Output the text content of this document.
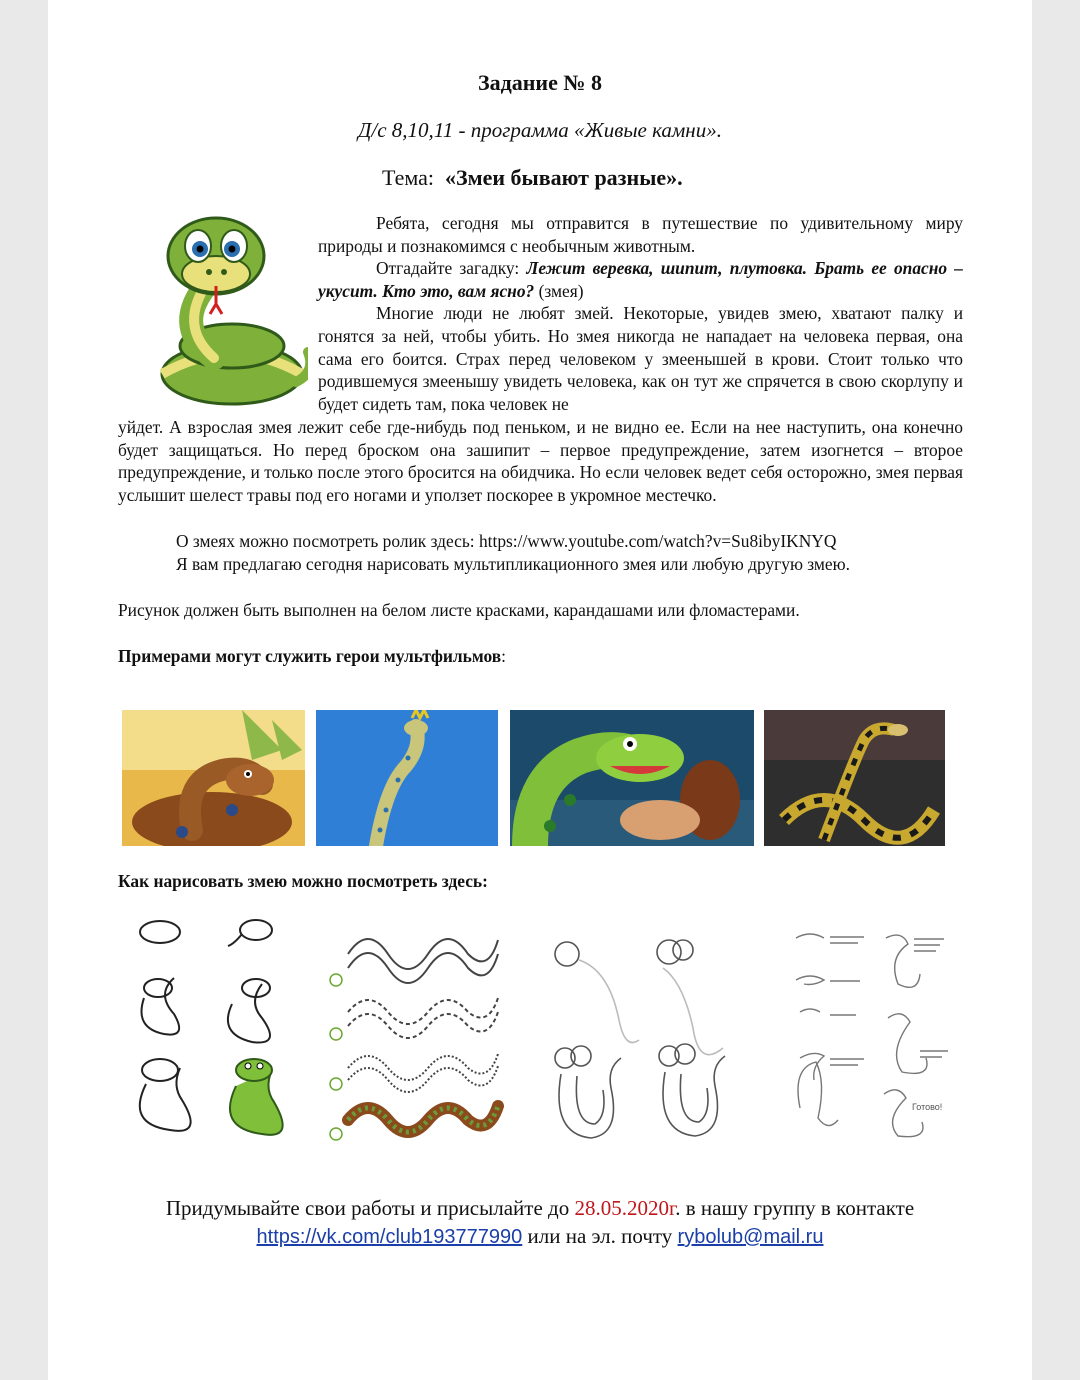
Задание № 8
Д/с 8,10,11 - программа «Живые камни».
Тема: «Змеи бывают разные».
Ребята, сегодня мы отправится в путешествие по удивительному миру природы и познакомимся с необычным животным.
Отгадайте загадку: Лежит веревка, шипит, плутовка. Брать ее опасно – укусит. Кто это, вам ясно? (змея)
Многие люди не любят змей. Некоторые, увидев змею, хватают палку и гонятся за ней, чтобы убить. Но змея никогда не нападает на человека первая, она сама его боится. Страх перед человеком у змеенышей в крови. Стоит только что родившемуся змеенышу увидеть человека, как он тут же спрячется в свою скорлупу и будет сидеть там, пока человек не
уйдет. А взрослая змея лежит себе где-нибудь под пеньком, и не видно ее. Если на нее наступить, она конечно будет защищаться. Но перед броском она зашипит – первое предупреждение, затем изогнется – второе предупреждение, и только после этого бросится на обидчика. Но если человек ведет себя осторожно, змея первая услышит шелест травы под его ногами и уползет поскорее в укромное местечко.
О змеях можно посмотреть ролик здесь: https://www.youtube.com/watch?v=Su8ibyIKNYQ
Я вам предлагаю сегодня нарисовать мультипликационного змея или любую другую змею.
Рисунок должен быть выполнен на белом листе красками, карандашами или фломастерами.
Примерами могут служить герои мультфильмов:
Как нарисовать змею можно посмотреть здесь:
Готово!
Придумывайте свои работы и присылайте до 28.05.2020г. в нашу группу в контакте
https://vk.com/club193777990 или на эл. почту rybolub@mail.ru
